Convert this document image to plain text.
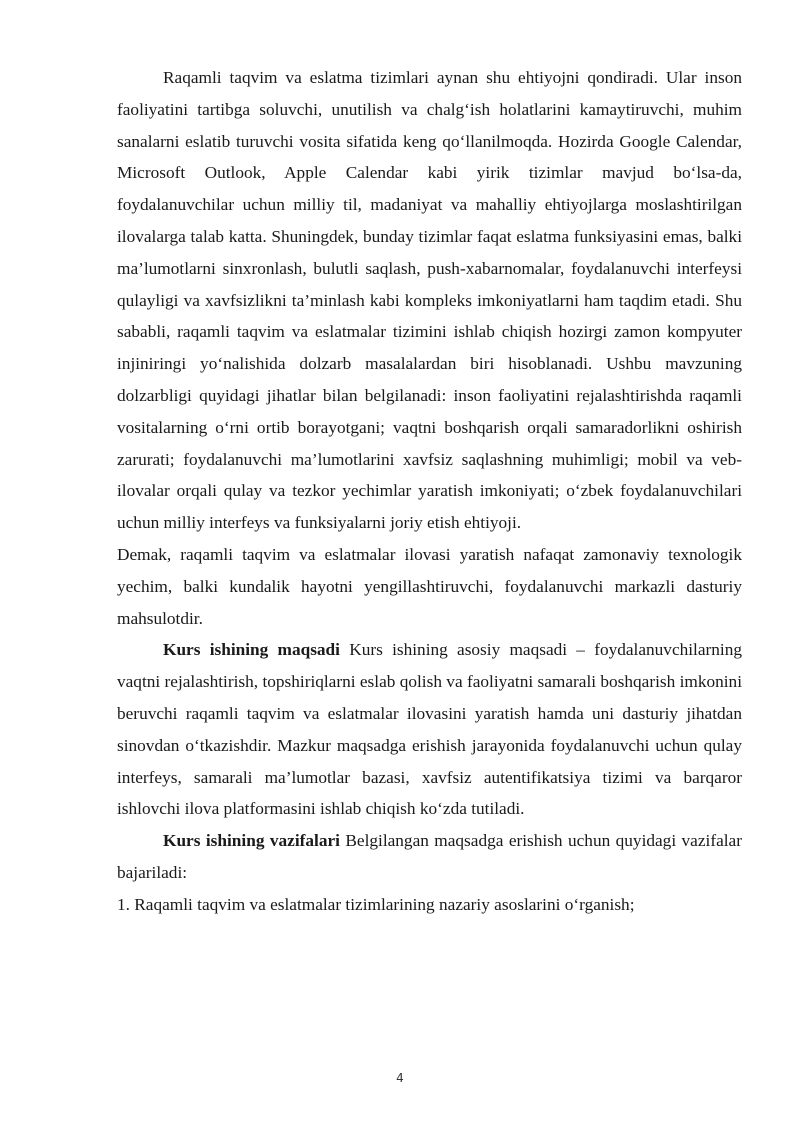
Raqamli taqvim va eslatma tizimlari aynan shu ehtiyojni qondiradi. Ular inson faoliyatini tartibga soluvchi, unutilish va chalg‘ish holatlarini kamaytiruvchi, muhim sanalarni eslatib turuvchi vosita sifatida keng qo‘llanilmoqda. Hozirda Google Calendar, Microsoft Outlook, Apple Calendar kabi yirik tizimlar mavjud bo‘lsa-da, foydalanuvchilar uchun milliy til, madaniyat va mahalliy ehtiyojlarga moslashtirilgan ilovalarga talab katta. Shuningdek, bunday tizimlar faqat eslatma funksiyasini emas, balki ma’lumotlarni sinxronlash, bulutli saqlash, push-xabarnomalar, foydalanuvchi interfeysi qulayligi va xavfsizlikni ta’minlash kabi kompleks imkoniyatlarni ham taqdim etadi. Shu sababli, raqamli taqvim va eslatmalar tizimini ishlab chiqish hozirgi zamon kompyuter injiniringi yo‘nalishida dolzarb masalalardan biri hisoblanadi. Ushbu mavzuning dolzarbligi quyidagi jihatlar bilan belgilanadi: inson faoliyatini rejalashtirishda raqamli vositalarning o‘rni ortib borayotgani; vaqtni boshqarish orqali samaradorlikni oshirish zarurati; foydalanuvchi ma’lumotlarini xavfsiz saqlashning muhimligi; mobil va veb-ilovalar orqali qulay va tezkor yechimlar yaratish imkoniyati; o‘zbek foydalanuvchilari uchun milliy interfeys va funksiyalarni joriy etish ehtiyoji.

Demak, raqamli taqvim va eslatmalar ilovasi yaratish nafaqat zamonaviy texnologik yechim, balki kundalik hayotni yengillashtiruvchi, foydalanuvchi markazli dasturiy mahsulotdir.

Kurs ishining maqsadi Kurs ishining asosiy maqsadi – foydalanuvchilarning vaqtni rejalashtirish, topshiriqlarni eslab qolish va faoliyatni samarali boshqarish imkonini beruvchi raqamli taqvim va eslatmalar ilovasini yaratish hamda uni dasturiy jihatdan sinovdan o‘tkazishdir. Mazkur maqsadga erishish jarayonida foydalanuvchi uchun qulay interfeys, samarali ma’lumotlar bazasi, xavfsiz autentifikatsiya tizimi va barqaror ishlovchi ilova platformasini ishlab chiqish ko‘zda tutiladi.

Kurs ishining vazifalari Belgilangan maqsadga erishish uchun quyidagi vazifalar bajariladi:

1. Raqamli taqvim va eslatmalar tizimlarining nazariy asoslarini o‘rganish;

4
